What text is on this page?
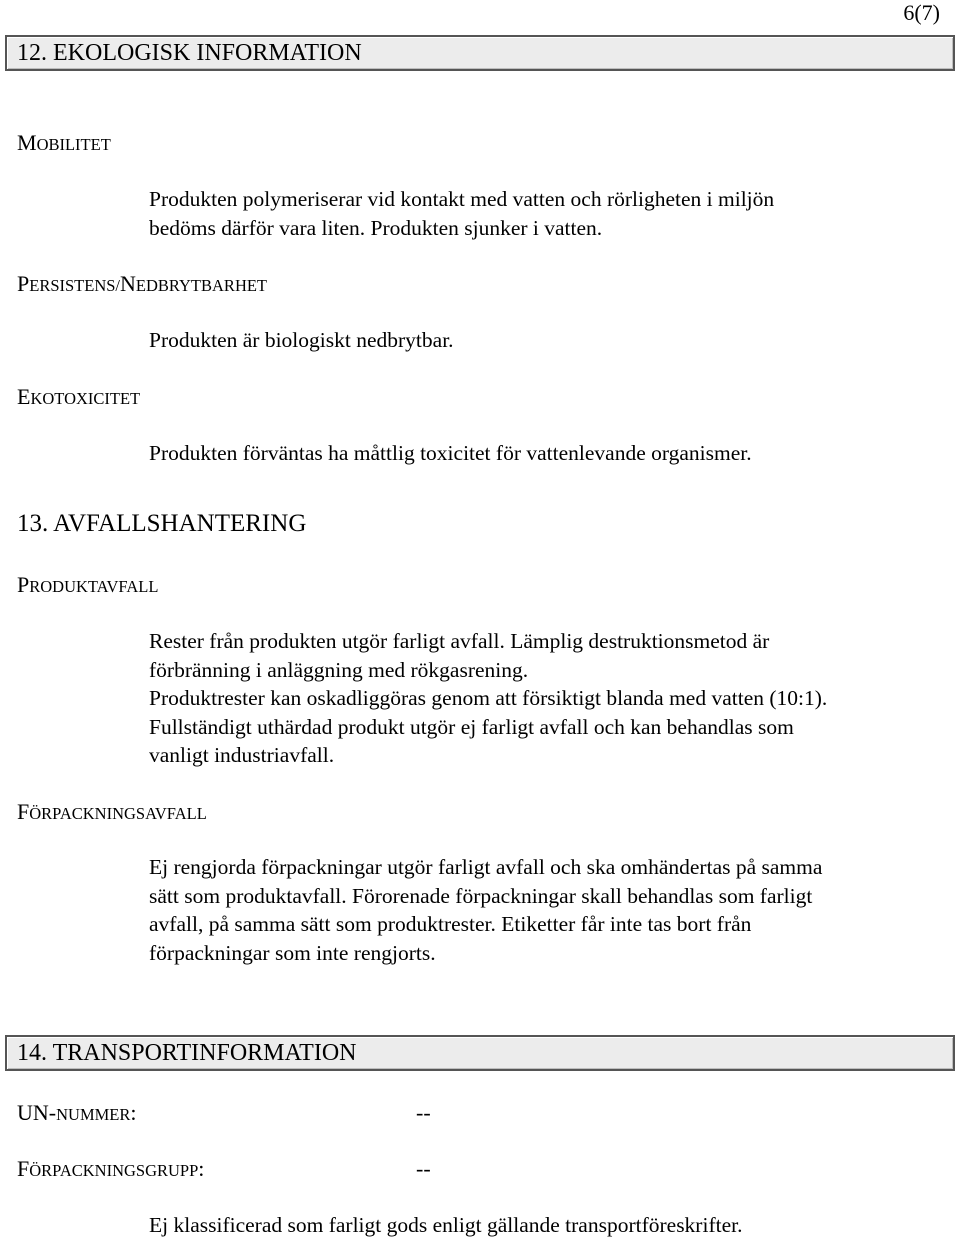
6(7)
12. EKOLOGISK INFORMATION
MOBILITET
Produkten polymeriserar vid kontakt med vatten och rörligheten i miljön
bedöms därför vara liten. Produkten sjunker i vatten.
PERSISTENS/NEDBRYTBARHET
Produkten är biologiskt nedbrytbar.
EKOTOXICITET
Produkten förväntas ha måttlig toxicitet för vattenlevande organismer.
13. AVFALLSHANTERING
PRODUKTAVFALL
Rester från produkten utgör farligt avfall. Lämplig destruktionsmetod är
förbränning i anläggning med rökgasrening.
Produktrester kan oskadliggöras genom att försiktigt blanda med vatten (10:1).
Fullständigt uthärdad produkt utgör ej farligt avfall och kan behandlas som
vanligt industriavfall.
FÖRPACKNINGSAVFALL
Ej rengjorda förpackningar utgör farligt avfall och ska omhändertas på samma
sätt som produktavfall. Förorenade förpackningar skall behandlas som farligt
avfall, på samma sätt som produktrester. Etiketter får inte tas bort från
förpackningar som inte rengjorts.
14. TRANSPORTINFORMATION
UN-NUMMER:	--
FÖRPACKNINGSGRUPP:	--
Ej klassificerad som farligt gods enligt gällande transportföreskrifter.
